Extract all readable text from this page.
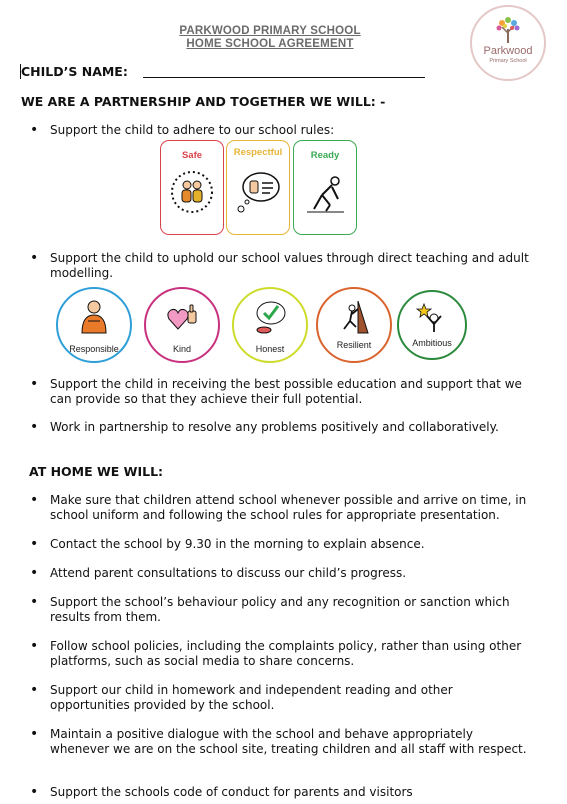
PARKWOOD PRIMARY SCHOOL
HOME SCHOOL AGREEMENT
Parkwood
Primary School
CHILD’S NAME:
WE ARE A PARTNERSHIP AND TOGETHER WE WILL: -
• Support the child to adhere to our school rules:
Safe	Respectful	Ready
• Support the child to uphold our school values through direct teaching and adult modelling.
Responsible	Kind	Honest	Resilient	Ambitious
• Support the child in receiving the best possible education and support that we can provide so that they achieve their full potential.
• Work in partnership to resolve any problems positively and collaboratively.
AT HOME WE WILL:
• Make sure that children attend school whenever possible and arrive on time, in school uniform and following the school rules for appropriate presentation.
• Contact the school by 9.30 in the morning to explain absence.
• Attend parent consultations to discuss our child’s progress.
• Support the school’s behaviour policy and any recognition or sanction which results from them.
• Follow school policies, including the complaints policy, rather than using other platforms, such as social media to share concerns.
• Support our child in homework and independent reading and other opportunities provided by the school.
• Maintain a positive dialogue with the school and behave appropriately whenever we are on the school site, treating children and all staff with respect.
• Support the schools code of conduct for parents and visitors
